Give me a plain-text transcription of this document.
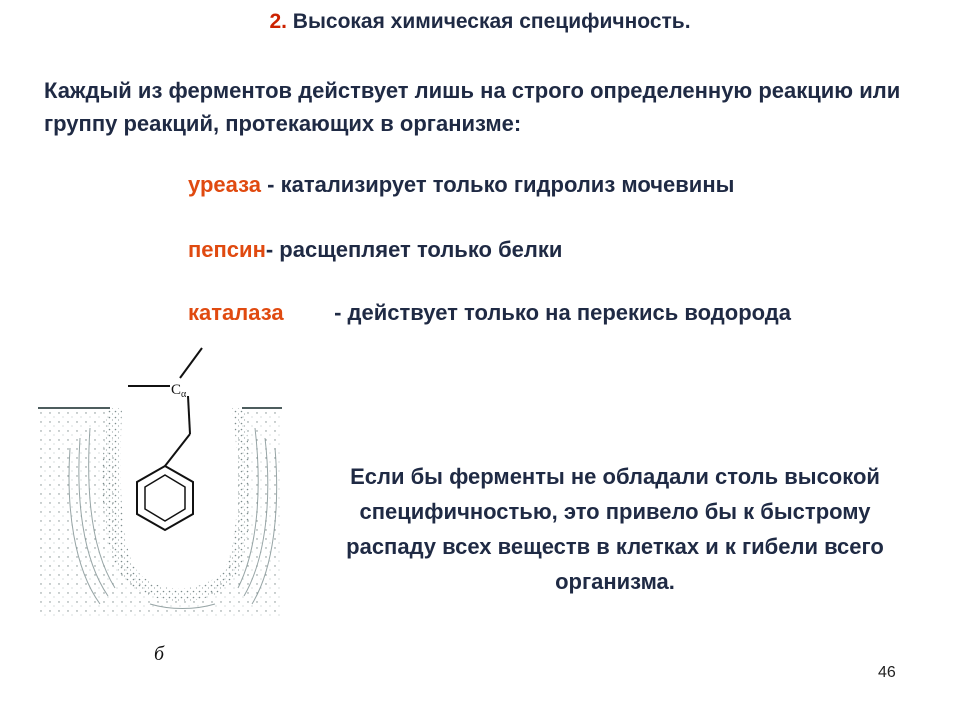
2. Высокая химическая специфичность.
Каждый из ферментов действует лишь на строго определенную реакцию или группу реакций, протекающих в организме:
уреаза - катализирует только гидролиз мочевины
пепсин- расщепляет только белки
каталаза - действует только на перекись водорода
$C_\alpha$
б
Если бы ферменты не обладали столь высокой специфичностью, это привело бы к быстрому распаду всех веществ в клетках и к гибели всего организма.
46
